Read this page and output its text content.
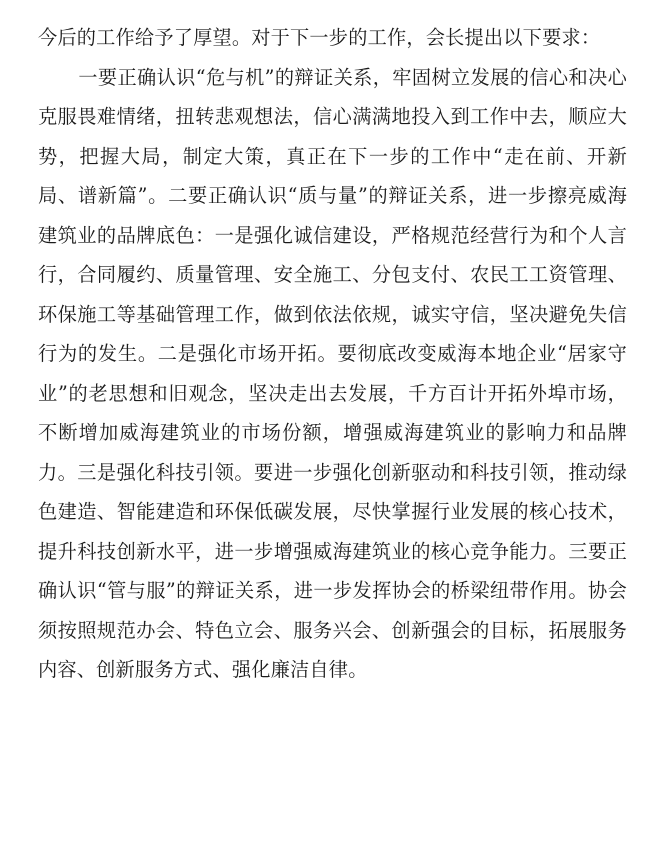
今后的工作给予了厚望。对于下一步的工作，会长提出以下要求：

一要正确认识“危与机”的辩证关系，牢固树立发展的信心和决心克服畏难情绪，扭转悲观想法，信心满满地投入到工作中去，顺应大势，把握大局，制定大策，真正在下一步的工作中“走在前、开新局、谱新篇”。二要正确认识“质与量”的辩证关系，进一步擦亮威海建筑业的品牌底色：一是强化诚信建设，严格规范经营行为和个人言行，合同履约、质量管理、安全施工、分包支付、农民工工资管理、环保施工等基础管理工作，做到依法依规，诚实守信，坚决避免失信行为的发生。二是强化市场开拓。要彻底改变威海本地企业“居家守业”的老思想和旧观念，坚决走出去发展，千方百计开拓外埠市场，不断增加威海建筑业的市场份额，增强威海建筑业的影响力和品牌力。三是强化科技引领。要进一步强化创新驱动和科技引领，推动绿色建造、智能建造和环保低碳发展，尽快掌握行业发展的核心技术，提升科技创新水平，进一步增强威海建筑业的核心竞争能力。三要正确认识“管与服”的辩证关系，进一步发挥协会的桥梁纽带作用。协会须按照规范办会、特色立会、服务兴会、创新强会的目标，拓展服务内容、创新服务方式、强化廉洁自律。
